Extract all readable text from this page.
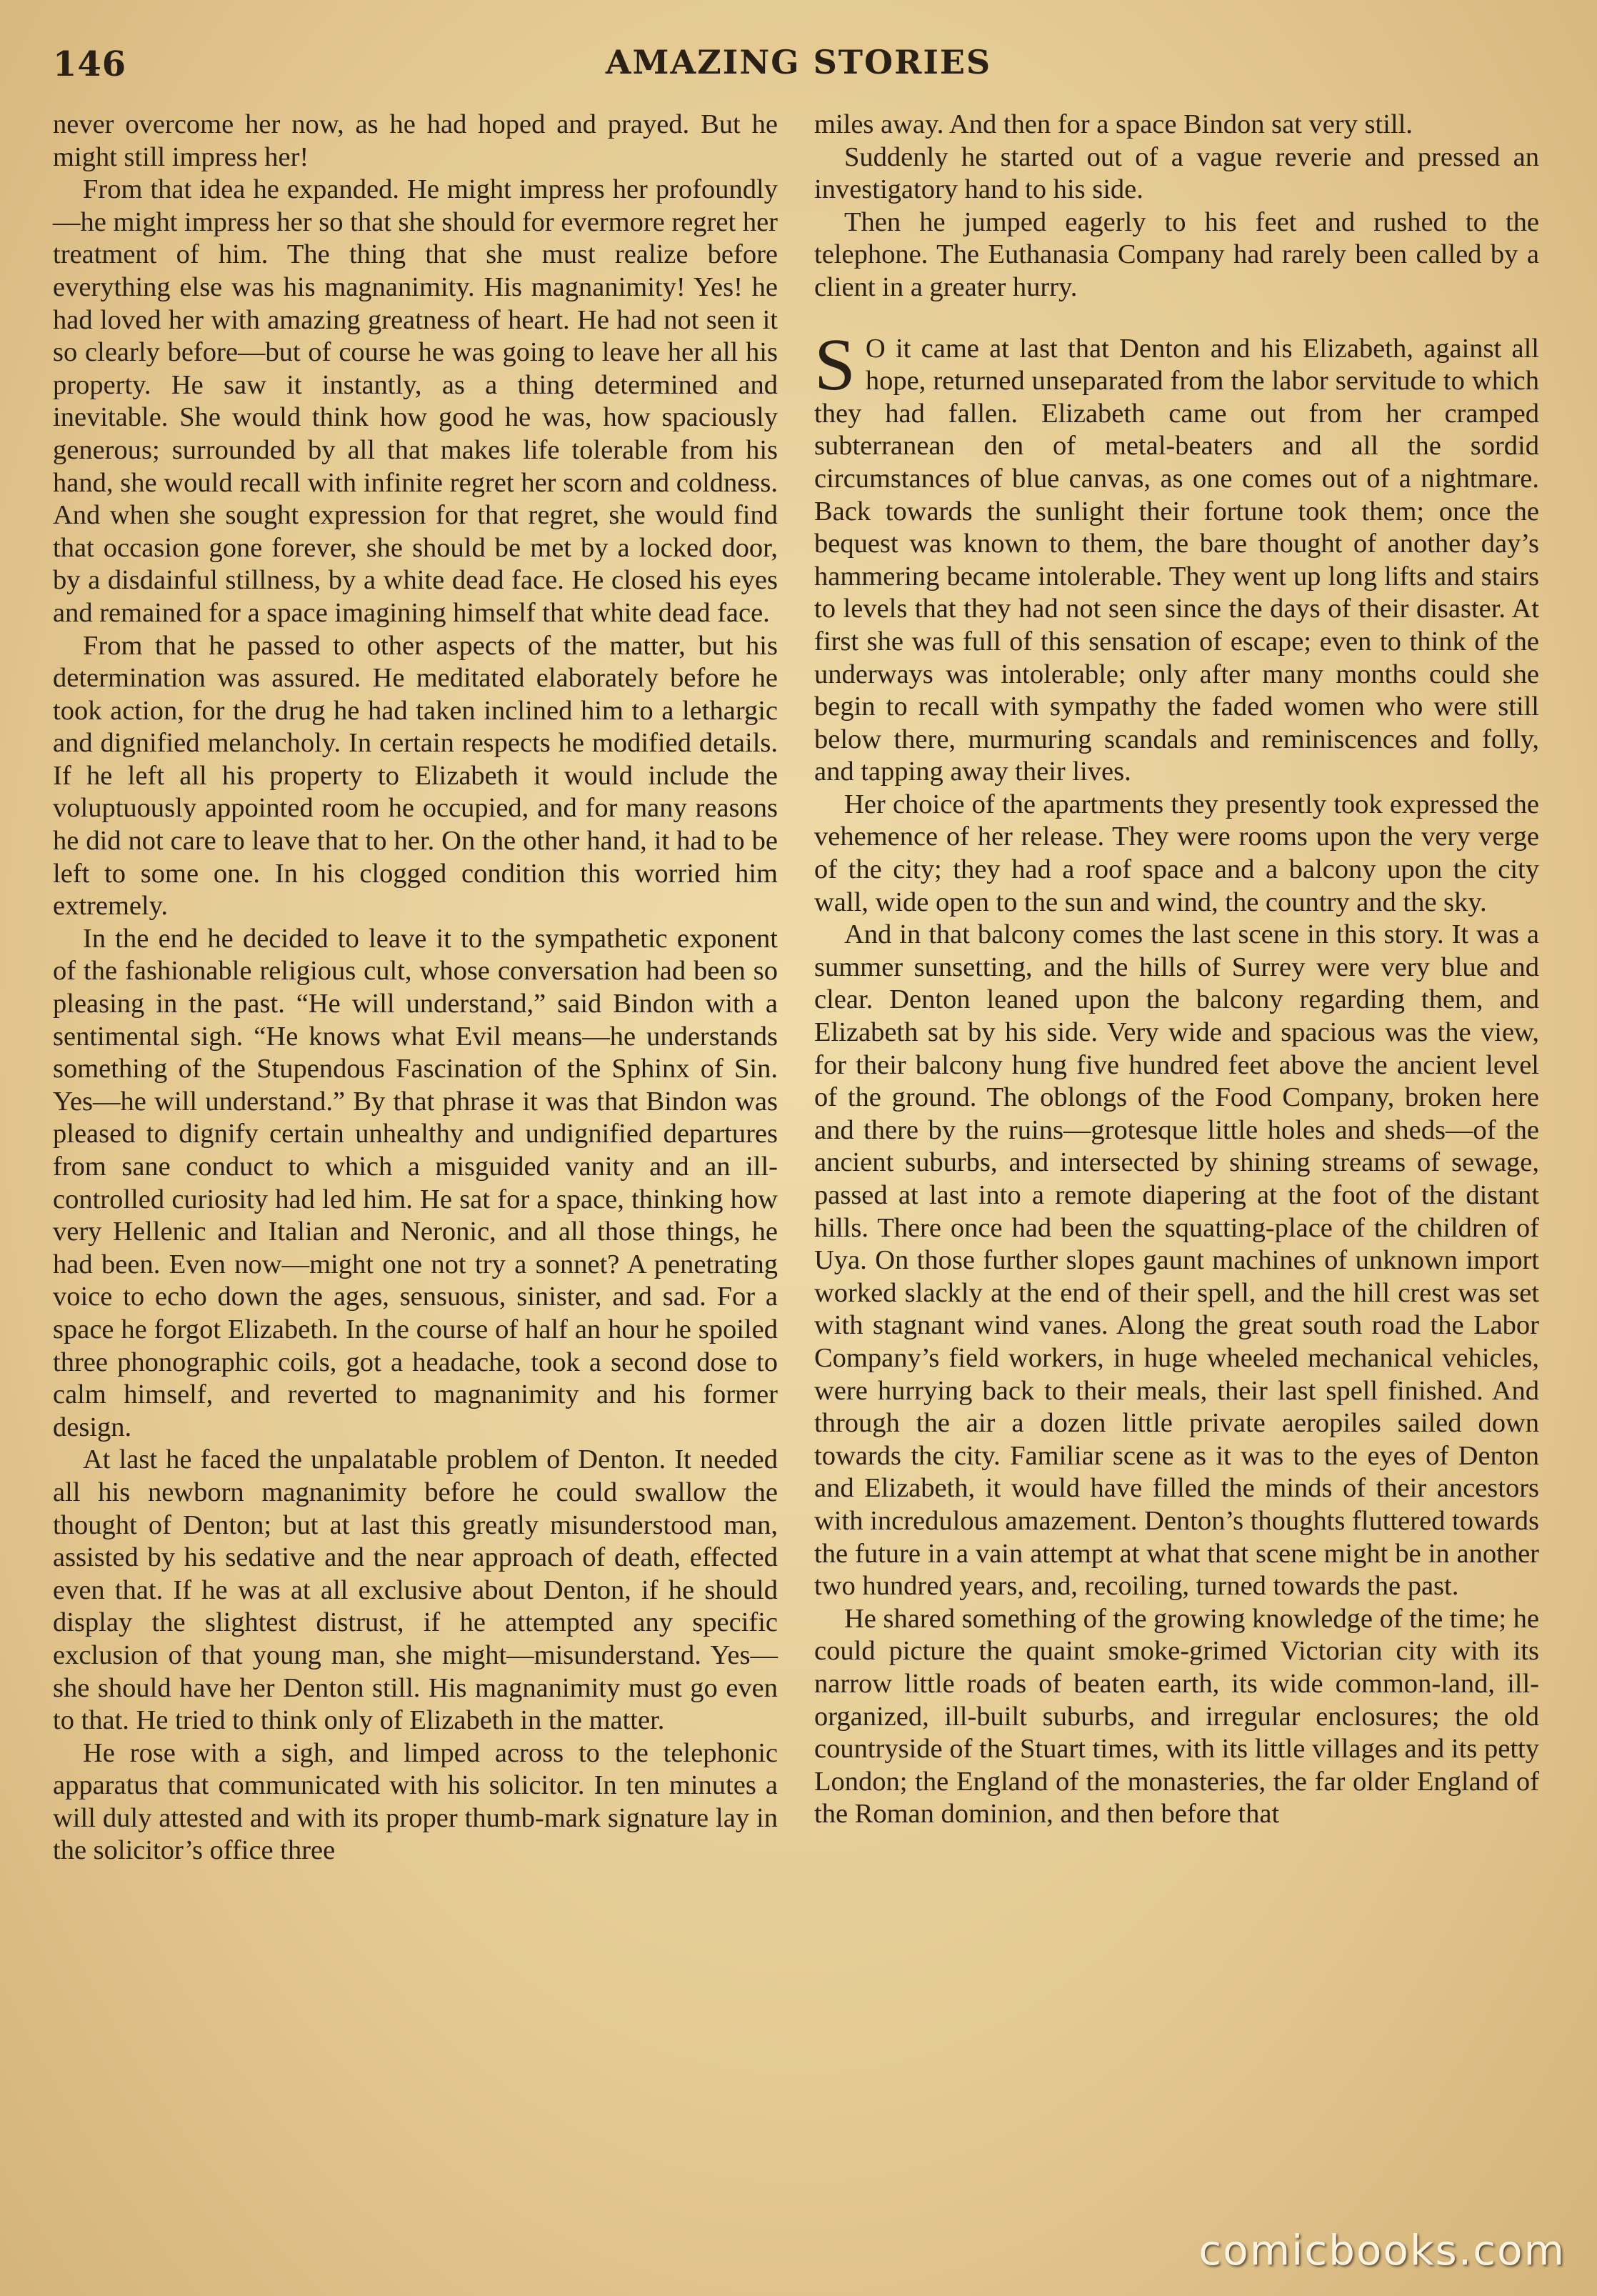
146	AMAZING STORIES

never overcome her now, as he had hoped and prayed. But he might still impress her!

From that idea he expanded. He might impress her profoundly—he might impress her so that she should for evermore regret her treatment of him. The thing that she must realize before everything else was his magnanimity. His magnanimity! Yes! he had loved her with amazing greatness of heart. He had not seen it so clearly before—but of course he was going to leave her all his property. He saw it instantly, as a thing determined and inevitable. She would think how good he was, how spaciously generous; surrounded by all that makes life tolerable from his hand, she would recall with infinite regret her scorn and coldness. And when she sought expression for that regret, she would find that occasion gone forever, she should be met by a locked door, by a disdainful stillness, by a white dead face. He closed his eyes and remained for a space imagining himself that white dead face.

From that he passed to other aspects of the matter, but his determination was assured. He meditated elaborately before he took action, for the drug he had taken inclined him to a lethargic and dignified melancholy. In certain respects he modified details. If he left all his property to Elizabeth it would include the voluptuously appointed room he occupied, and for many reasons he did not care to leave that to her. On the other hand, it had to be left to some one. In his clogged condition this worried him extremely.

In the end he decided to leave it to the sympathetic exponent of the fashionable religious cult, whose conversation had been so pleasing in the past. “He will understand,” said Bindon with a sentimental sigh. “He knows what Evil means—he understands something of the Stupendous Fascination of the Sphinx of Sin. Yes—he will understand.” By that phrase it was that Bindon was pleased to dignify certain unhealthy and undignified departures from sane conduct to which a misguided vanity and an ill-controlled curiosity had led him. He sat for a space, thinking how very Hellenic and Italian and Neronic, and all those things, he had been. Even now—might one not try a sonnet? A penetrating voice to echo down the ages, sensuous, sinister, and sad. For a space he forgot Elizabeth. In the course of half an hour he spoiled three phonographic coils, got a headache, took a second dose to calm himself, and reverted to magnanimity and his former design.

At last he faced the unpalatable problem of Denton. It needed all his newborn magnanimity before he could swallow the thought of Denton; but at last this greatly misunderstood man, assisted by his sedative and the near approach of death, effected even that. If he was at all exclusive about Denton, if he should display the slightest distrust, if he attempted any specific exclusion of that young man, she might—misunderstand. Yes—she should have her Denton still. His magnanimity must go even to that. He tried to think only of Elizabeth in the matter.

He rose with a sigh, and limped across to the telephonic apparatus that communicated with his solicitor. In ten minutes a will duly attested and with its proper thumb-mark signature lay in the solicitor’s office three

miles away. And then for a space Bindon sat very still.

Suddenly he started out of a vague reverie and pressed an investigatory hand to his side.

Then he jumped eagerly to his feet and rushed to the telephone. The Euthanasia Company had rarely been called by a client in a greater hurry.

S O it came at last that Denton and his Elizabeth, against all hope, returned unseparated from the labor servitude to which they had fallen. Elizabeth came out from her cramped subterranean den of metal-beaters and all the sordid circumstances of blue canvas, as one comes out of a nightmare. Back towards the sunlight their fortune took them; once the bequest was known to them, the bare thought of another day’s hammering became intolerable. They went up long lifts and stairs to levels that they had not seen since the days of their disaster. At first she was full of this sensation of escape; even to think of the underways was intolerable; only after many months could she begin to recall with sympathy the faded women who were still below there, murmuring scandals and reminiscences and folly, and tapping away their lives.

Her choice of the apartments they presently took expressed the vehemence of her release. They were rooms upon the very verge of the city; they had a roof space and a balcony upon the city wall, wide open to the sun and wind, the country and the sky.

And in that balcony comes the last scene in this story. It was a summer sunsetting, and the hills of Surrey were very blue and clear. Denton leaned upon the balcony regarding them, and Elizabeth sat by his side. Very wide and spacious was the view, for their balcony hung five hundred feet above the ancient level of the ground. The oblongs of the Food Company, broken here and there by the ruins—grotesque little holes and sheds—of the ancient suburbs, and intersected by shining streams of sewage, passed at last into a remote diapering at the foot of the distant hills. There once had been the squatting-place of the children of Uya. On those further slopes gaunt machines of unknown import worked slackly at the end of their spell, and the hill crest was set with stagnant wind vanes. Along the great south road the Labor Company’s field workers, in huge wheeled mechanical vehicles, were hurrying back to their meals, their last spell finished. And through the air a dozen little private aeropiles sailed down towards the city. Familiar scene as it was to the eyes of Denton and Elizabeth, it would have filled the minds of their ancestors with incredulous amazement. Denton’s thoughts fluttered towards the future in a vain attempt at what that scene might be in another two hundred years, and, recoiling, turned towards the past.

He shared something of the growing knowledge of the time; he could picture the quaint smoke-grimed Victorian city with its narrow little roads of beaten earth, its wide common-land, ill-organized, ill-built suburbs, and irregular enclosures; the old countryside of the Stuart times, with its little villages and its petty London; the England of the monasteries, the far older England of the Roman dominion, and then before that

comicbooks.com
